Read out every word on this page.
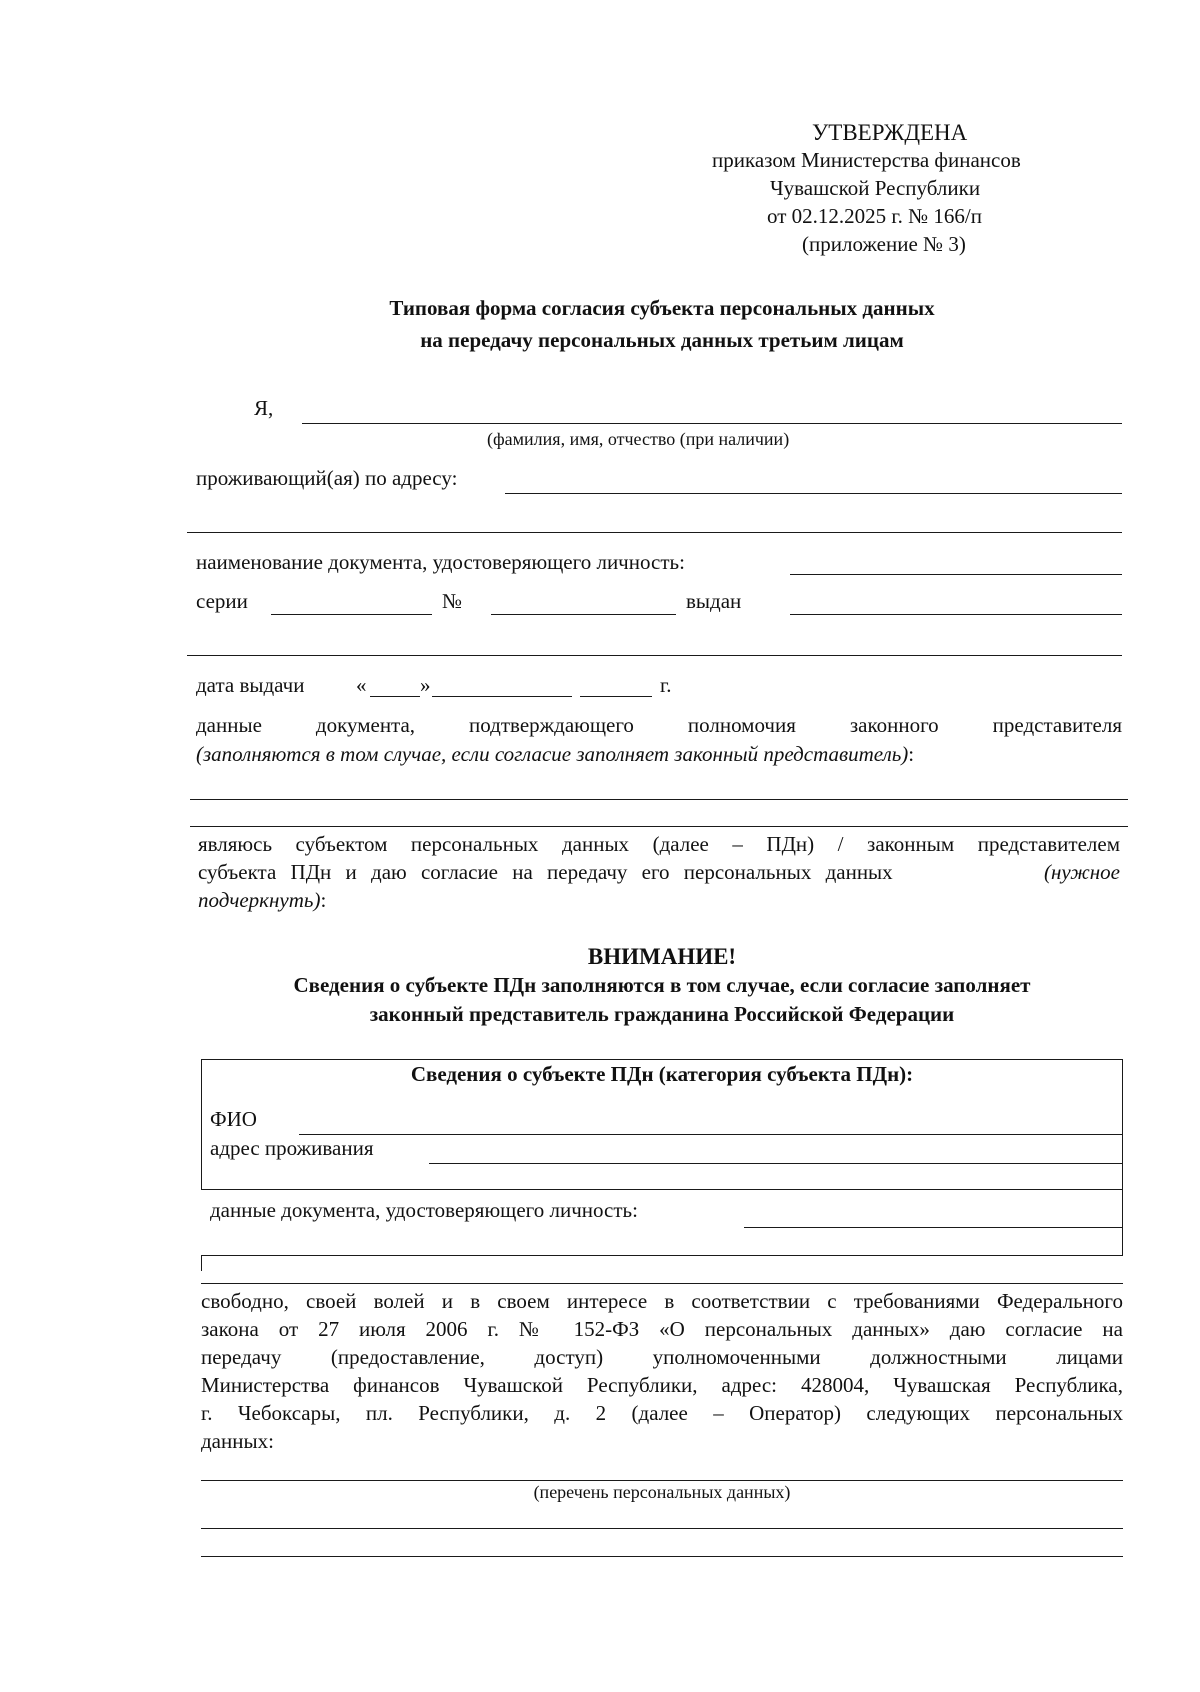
УТВЕРЖДЕНА
приказом Министерства финансов
Чувашской Республики
от 02.12.2025 г. № 166/п
(приложение № 3)
Типовая форма согласия субъекта персональных данных
на передачу персональных данных третьим лицам
Я,
(фамилия, имя, отчество (при наличии)
проживающий(ая) по адресу:
наименование документа, удостоверяющего личность:
серии	№	выдан
дата выдачи «	»	г.
данные документа, подтверждающего полномочия законного представителя
(заполняются в том случае, если согласие заполняет законный представитель):
являюсь субъектом персональных данных (далее – ПДн) / законным представителем
субъекта ПДн и даю согласие на передачу его персональных данных	(нужное
подчеркнуть):
ВНИМАНИЕ!
Сведения о субъекте ПДн заполняются в том случае, если согласие заполняет
законный представитель гражданина Российской Федерации
Сведения о субъекте ПДн (категория субъекта ПДн):
ФИО
адрес проживания
данные документа, удостоверяющего личность:
свободно, своей волей и в своем интересе в соответствии с требованиями Федерального
закона от 27 июля 2006 г. № 152-ФЗ «О персональных данных» даю согласие на
передачу (предоставление, доступ) уполномоченными должностными лицами
Министерства финансов Чувашской Республики, адрес: 428004, Чувашская Республика,
г. Чебоксары, пл. Республики, д. 2 (далее – Оператор) следующих персональных
данных:
(перечень персональных данных)
